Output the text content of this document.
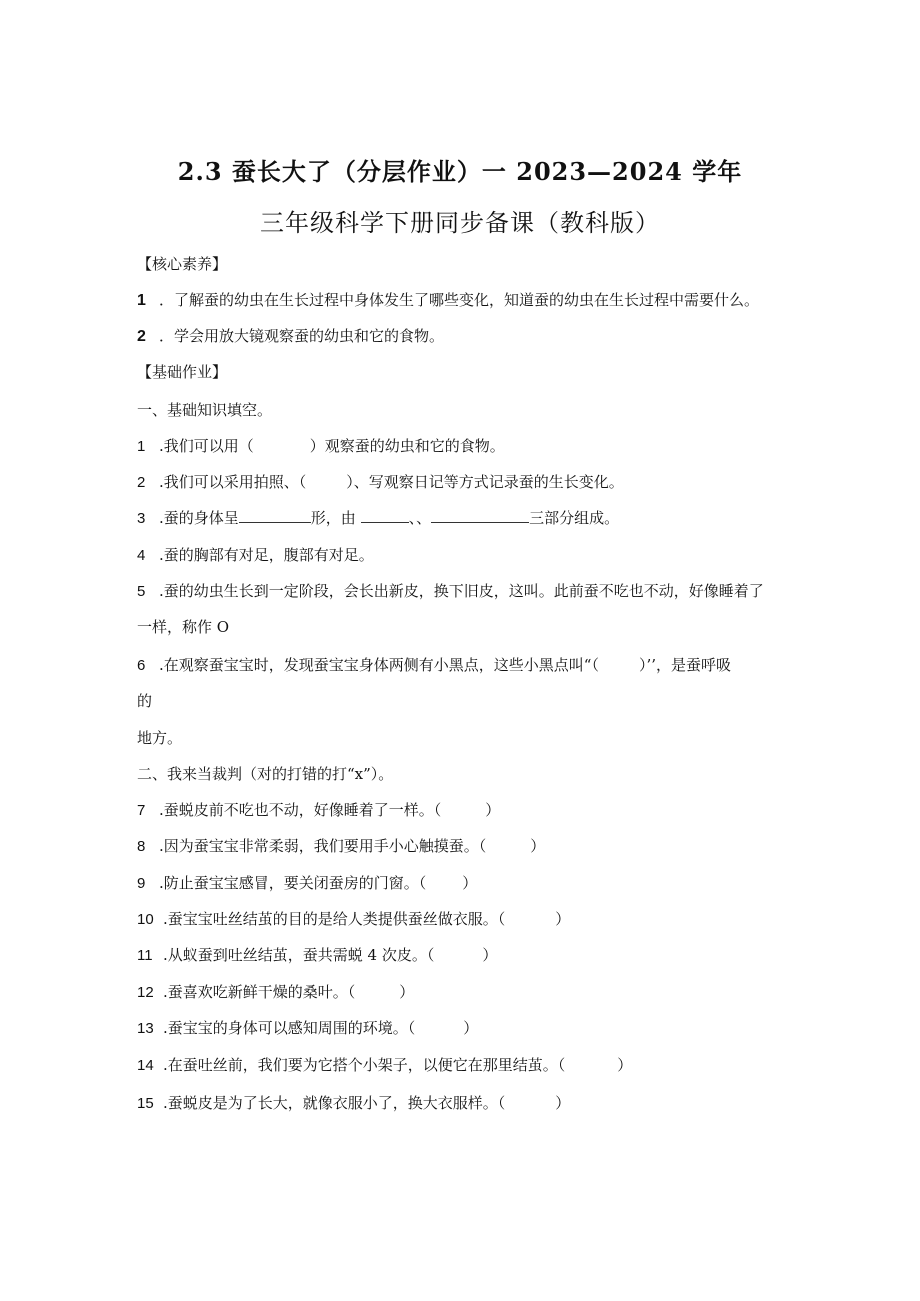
2.3 蚕长大了（分层作业）一 2023—2024 学年
三年级科学下册同步备课（教科版）
【核心素养】
1 ．了解蚕的幼虫在生长过程中身体发生了哪些变化，知道蚕的幼虫在生长过程中需要什么。
2 ．学会用放大镜观察蚕的幼虫和它的食物。
【基础作业】
一、基础知识填空。
1 .我们可以用（	）观察蚕的幼虫和它的食物。
2 .我们可以采用拍照、（	）、写观察日记等方式记录蚕的生长变化。
3 .蚕的身体呈	形，由	、、	三部分组成。
4 .蚕的胸部有对足，腹部有对足。
5 .蚕的幼虫生长到一定阶段，会长出新皮，换下旧皮，这叫。此前蚕不吃也不动，好像睡着了
一样，称作 O
6 .在观察蚕宝宝时，发现蚕宝宝身体两侧有小黑点，这些小黑点叫“（	）’’，是蚕呼吸
的
地方。
二、我来当裁判（对的打错的打“x”）。
7 .蚕蜕皮前不吃也不动，好像睡着了一样。（	）
8 .因为蚕宝宝非常柔弱，我们要用手小心触摸蚕。（	）
9 .防止蚕宝宝感冒，要关闭蚕房的门窗。（ ）
10 .蚕宝宝吐丝结茧的目的是给人类提供蚕丝做衣服。（	）
11 .从蚁蚕到吐丝结茧，蚕共需蜕 4 次皮。（	）
12 .蚕喜欢吃新鲜干燥的桑叶。（	）
13 .蚕宝宝的身体可以感知周围的环境。（	）
14 .在蚕吐丝前，我们要为它搭个小架子，以便它在那里结茧。（	）
15 .蚕蜕皮是为了长大，就像衣服小了，换大衣服样。（	）
